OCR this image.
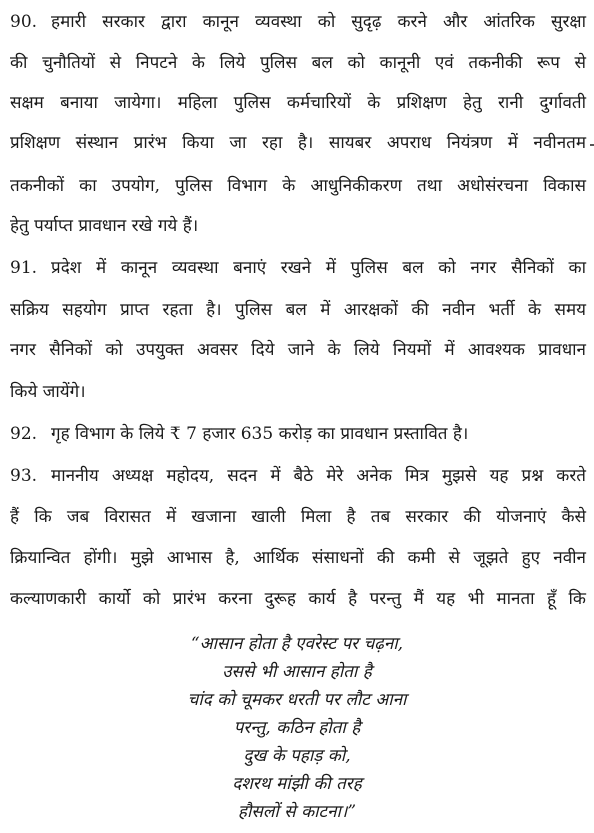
90. हमारी सरकार द्वारा कानून व्यवस्था को सुदृढ़ करने और आंतरिक सुरक्षा
की चुनौतियों से निपटने के लिये पुलिस बल को कानूनी एवं तकनीकी रूप से
सक्षम बनाया जायेगा। महिला पुलिस कर्मचारियों के प्रशिक्षण हेतु रानी दुर्गावती
प्रशिक्षण संस्थान प्रारंभ किया जा रहा है। सायबर अपराध नियंत्रण में नवीनतम
तकनीकों का उपयोग, पुलिस विभाग के आधुनिकीकरण तथा अधोसंरचना विकास
हेतु पर्याप्त प्रावधान रखे गये हैं।
91. प्रदेश में कानून व्यवस्था बनाएं रखने में पुलिस बल को नगर सैनिकों का
सक्रिय सहयोग प्राप्त रहता है। पुलिस बल में आरक्षकों की नवीन भर्ती के समय
नगर सैनिकों को उपयुक्त अवसर दिये जाने के लिये नियमों में आवश्यक प्रावधान
किये जायेंगे।
92. गृह विभाग के लिये ₹ 7 हजार 635 करोड़ का प्रावधान प्रस्तावित है।
93. माननीय अध्यक्ष महोदय, सदन में बैठे मेरे अनेक मित्र मुझसे यह प्रश्न करते
हैं कि जब विरासत में खजाना खाली मिला है तब सरकार की योजनाएं कैसे
क्रियान्वित होंगी। मुझे आभास है, आर्थिक संसाधनों की कमी से जूझते हुए नवीन
कल्याणकारी कार्यो को प्रारंभ करना दुरूह कार्य है परन्तु मैं यह भी मानता हूँ कि
“आसान होता है एवरेस्ट पर चढ़ना,
उससे भी आसान होता है
चांद को चूमकर धरती पर लौट आना
परन्तु, कठिन होता है
दुख के पहाड़ को,
दशरथ मांझी की तरह
हौसलों से काटना।”
